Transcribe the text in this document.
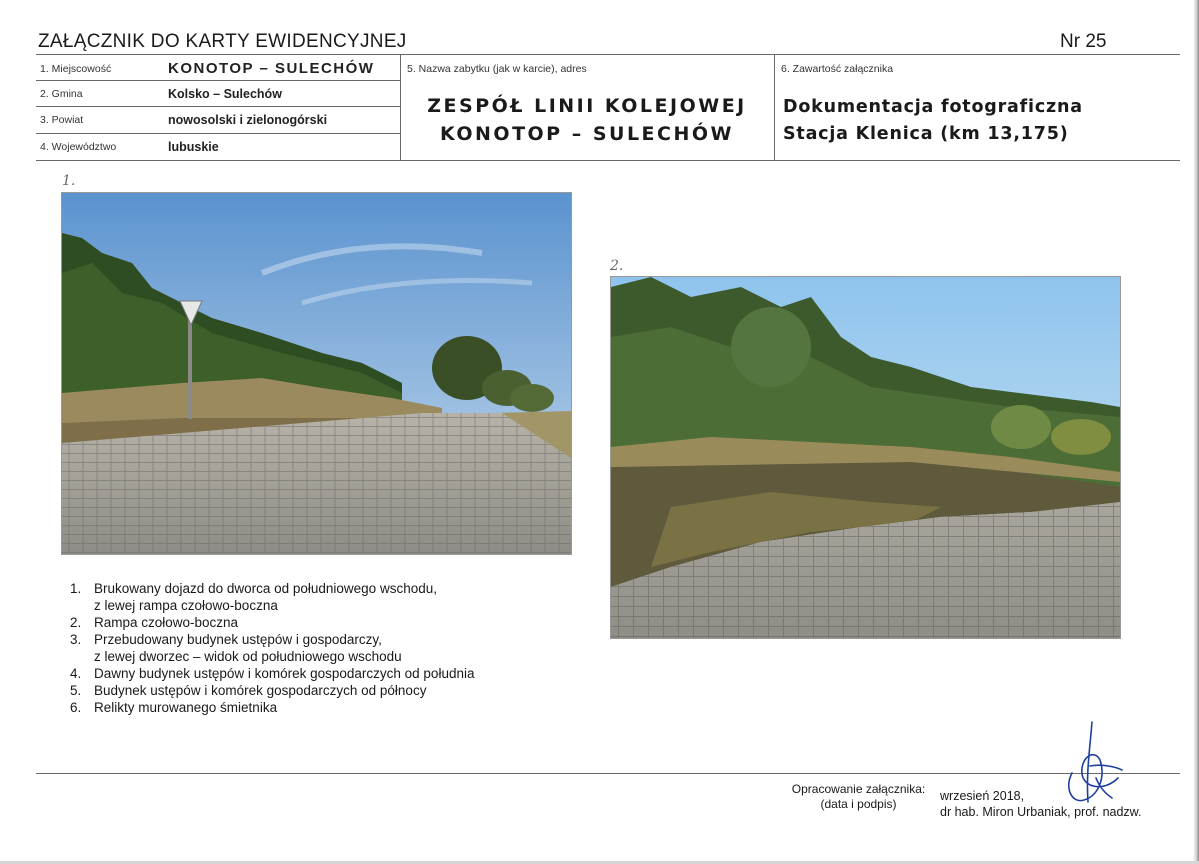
ZAŁĄCZNIK DO KARTY EWIDENCYJNEJ	Nr 25
1. Miejscowość	KONOTOP – SULECHÓW
2. Gmina	Kolsko – Sulechów
3. Powiat	nowosolski i zielonogórski
4. Województwo	lubuskie
5. Nazwa zabytku (jak w karcie), adres
ZESPÓŁ LINII KOLEJOWEJ
KONOTOP – SULECHÓW
6. Zawartość załącznika
Dokumentacja fotograficzna
Stacja Klenica (km 13,175)
1.
2.
1. Brukowany dojazd do dworca od południowego wschodu,
z lewej rampa czołowo-boczna
2. Rampa czołowo-boczna
3. Przebudowany budynek ustępów i gospodarczy,
z lewej dworzec – widok od południowego wschodu
4. Dawny budynek ustępów i komórek gospodarczych od południa
5. Budynek ustępów i komórek gospodarczych od północy
6. Relikty murowanego śmietnika
Opracowanie załącznika:
(data i podpis)
wrzesień 2018,
dr hab. Miron Urbaniak, prof. nadzw.
